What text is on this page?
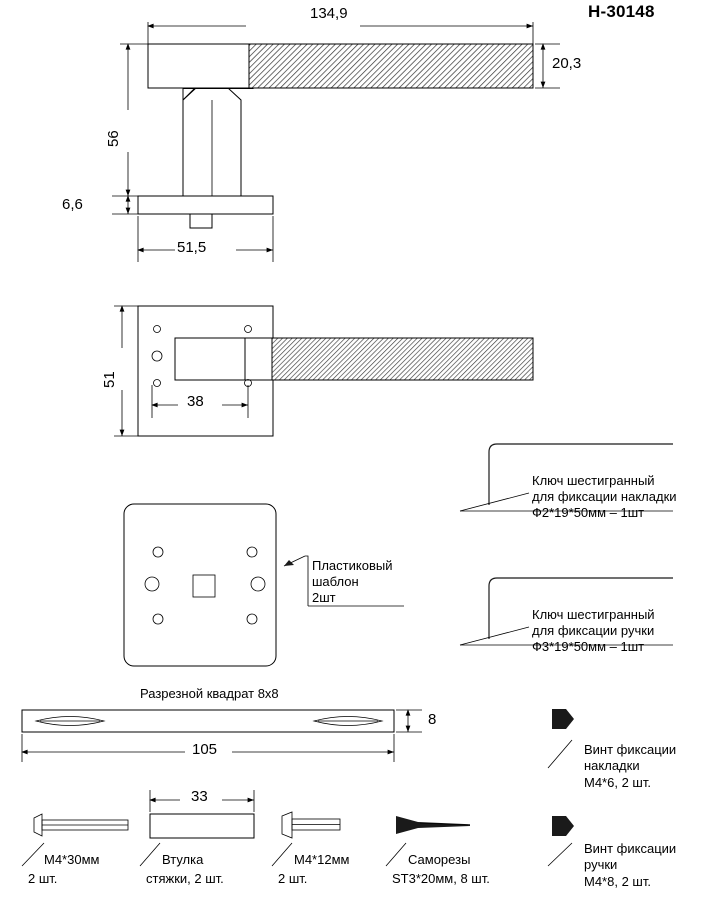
H-30148
134,9
20,3
56
6,6
51,5
51
38
Пластиковый
шаблон
2шт
Ключ шестигранный
для фиксации накладки
Ф2*19*50мм – 1шт
Ключ шестигранный
для фиксации ручки
Ф3*19*50мм – 1шт
Разрезной квадрат 8x8
8
105
М4*30мм
2 шт.
33
Втулка
стяжки, 2 шт.
М4*12мм
2 шт.
Саморезы
ST3*20мм, 8 шт.
Винт фиксации
накладки
М4*6, 2 шт.
Винт фиксации
ручки
М4*8, 2 шт.
